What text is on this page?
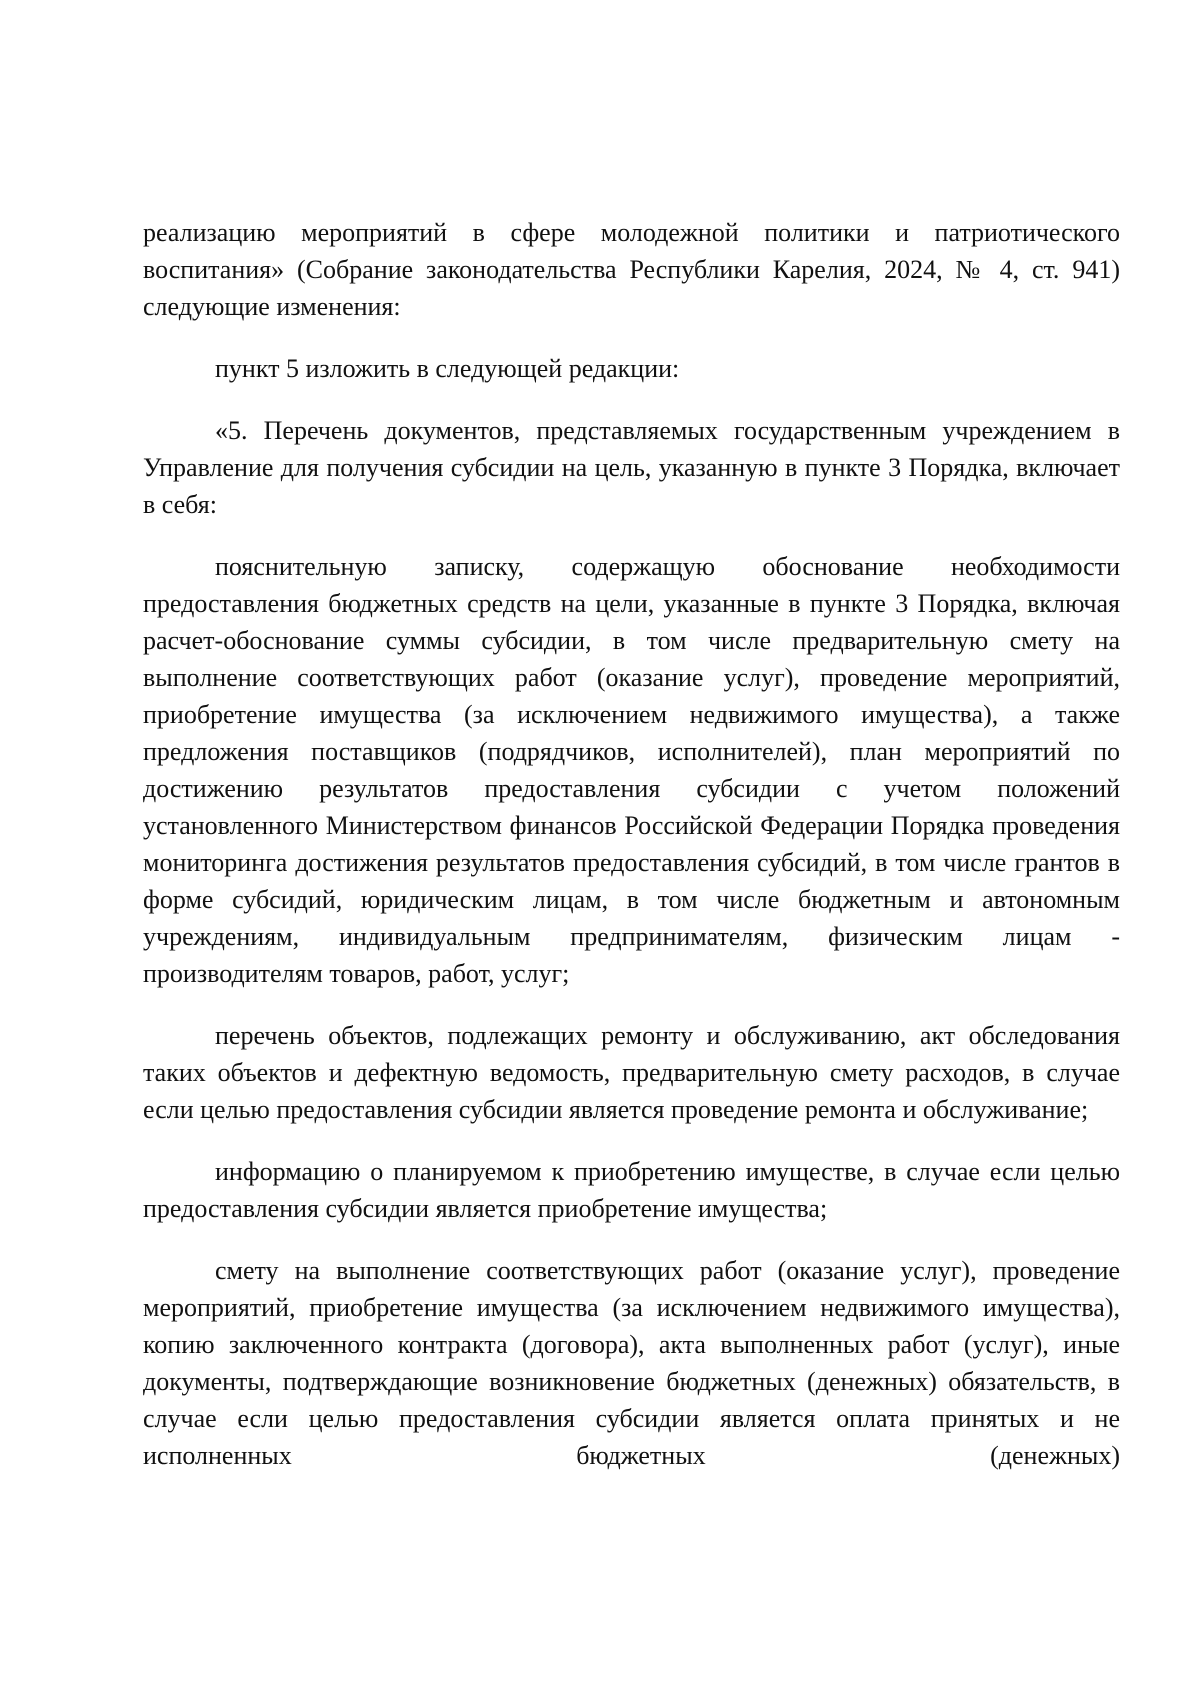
реализацию мероприятий в сфере молодежной политики и патриотического воспитания» (Собрание законодательства Республики Карелия, 2024, № 4, ст. 941) следующие изменения:

пункт 5 изложить в следующей редакции:

«5. Перечень документов, представляемых государственным учреждением в Управление для получения субсидии на цель, указанную в пункте 3 Порядка, включает в себя:

пояснительную записку, содержащую обоснование необходимости предоставления бюджетных средств на цели, указанные в пункте 3 Порядка, включая расчет-обоснование суммы субсидии, в том числе предварительную смету на выполнение соответствующих работ (оказание услуг), проведение мероприятий, приобретение имущества (за исключением недвижимого имущества), а также предложения поставщиков (подрядчиков, исполнителей), план мероприятий по достижению результатов предоставления субсидии с учетом положений установленного Министерством финансов Российской Федерации Порядка проведения мониторинга достижения результатов предоставления субсидий, в том числе грантов в форме субсидий, юридическим лицам, в том числе бюджетным и автономным учреждениям, индивидуальным предпринимателям, физическим лицам - производителям товаров, работ, услуг;

перечень объектов, подлежащих ремонту и обслуживанию, акт обследования таких объектов и дефектную ведомость, предварительную смету расходов, в случае если целью предоставления субсидии является проведение ремонта и обслуживание;

информацию о планируемом к приобретению имуществе, в случае если целью предоставления субсидии является приобретение имущества;

смету на выполнение соответствующих работ (оказание услуг), проведение мероприятий, приобретение имущества (за исключением недвижимого имущества), копию заключенного контракта (договора), акта выполненных работ (услуг), иные документы, подтверждающие возникновение бюджетных (денежных) обязательств, в случае если целью предоставления субсидии является оплата принятых и не исполненных бюджетных (денежных)
